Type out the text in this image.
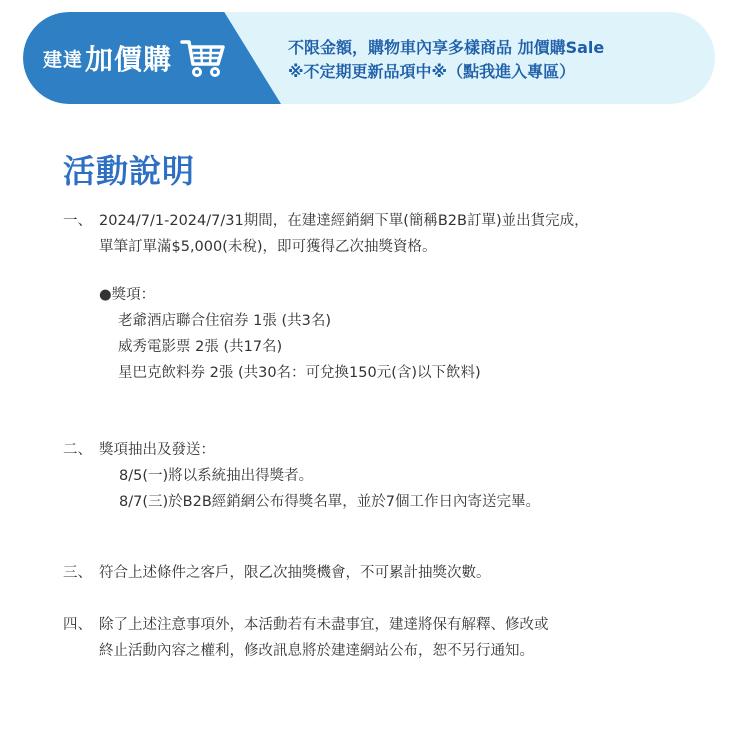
建達 加價購	不限金額，購物車內享多樣商品 加價購Sale
※不定期更新品項中※（點我進入專區）
活動說明
一、 2024/7/1-2024/7/31期間，在建達經銷網下單(簡稱B2B訂單)並出貨完成，
單筆訂單滿$5,000(未稅)，即可獲得乙次抽獎資格。
●獎項：
老爺酒店聯合住宿券 1張 (共3名)
威秀電影票 2張 (共17名)
星巴克飲料券 2張 (共30名：可兌換150元(含)以下飲料)
二、 獎項抽出及發送：
8/5(一)將以系統抽出得獎者。
8/7(三)於B2B經銷網公布得獎名單，並於7個工作日內寄送完畢。
三、 符合上述條件之客戶，限乙次抽獎機會，不可累計抽獎次數。
四、 除了上述注意事項外，本活動若有未盡事宜，建達將保有解釋、修改或
終止活動內容之權利，修改訊息將於建達網站公布，恕不另行通知。
